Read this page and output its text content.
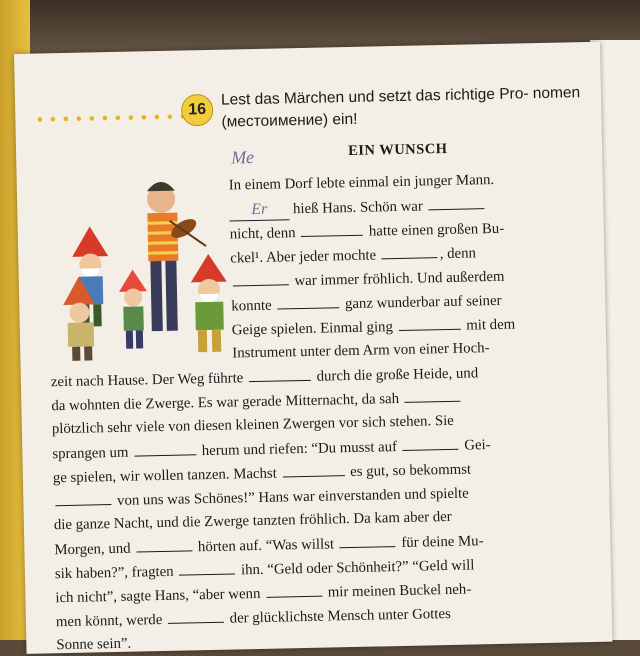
16
Lest das Märchen und setzt das richtige Pro- nomen (местоимение) ein!
Ме	EIN WUNSCH
In einem Dorf lebte einmal ein junger Mann.
Er hieß Hans. Schön war
nicht, denn	hatte einen großen Bu-
ckel¹. Aber jeder mochte	, denn
war immer fröhlich. Und außerdem
konnte	ganz wunderbar auf seiner
Geige spielen. Einmal ging	mit dem
Instrument unter dem Arm von einer Hoch-
zeit nach Hause. Der Weg führte	durch die große Heide, und
da wohnten die Zwerge. Es war gerade Mitternacht, da sah
plötzlich sehr viele von diesen kleinen Zwergen vor sich stehen. Sie
sprangen um	herum und riefen: “Du musst auf	Gei-
ge spielen, wir wollen tanzen. Machst	es gut, so bekommst
von uns was Schönes!” Hans war einverstanden und spielte
die ganze Nacht, und die Zwerge tanzten fröhlich. Da kam aber der
Morgen, und	hörten auf. “Was willst	für deine Mu-
sik haben?”, fragten	ihn. “Geld oder Schönheit?” “Geld will
ich nicht”, sagte Hans, “aber wenn	mir meinen Buckel neh-
men könnt, werde	der glücklichste Mensch unter Gottes
Sonne sein”.
